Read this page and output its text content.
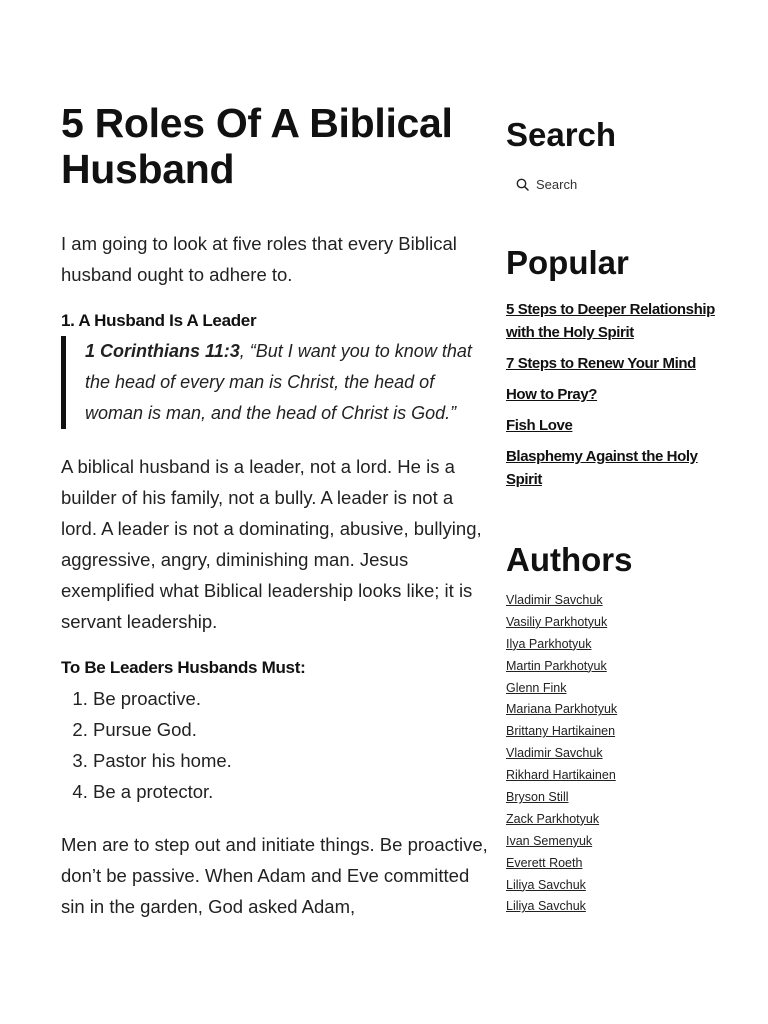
5 Roles Of A Biblical Husband

I am going to look at five roles that every Biblical husband ought to adhere to.

1. A Husband Is A Leader
1 Corinthians 11:3, “But I want you to know that the head of every man is Christ, the head of woman is man, and the head of Christ is God.”

A biblical husband is a leader, not a lord. He is a builder of his family, not a bully. A leader is not a lord. A leader is not a dominating, abusive, bullying, aggressive, angry, diminishing man. Jesus exemplified what Biblical leadership looks like; it is servant leadership.

To Be Leaders Husbands Must:
1. Be proactive.
2. Pursue God.
3. Pastor his home.
4. Be a protector.

Men are to step out and initiate things. Be proactive, don’t be passive. When Adam and Eve committed sin in the garden, God asked Adam,

Search
Search
Popular
5 Steps to Deeper Relationship with the Holy Spirit
7 Steps to Renew Your Mind
How to Pray?
Fish Love
Blasphemy Against the Holy Spirit
Authors
Vladimir Savchuk
Vasiliy Parkhotyuk
Ilya Parkhotyuk
Martin Parkhotyuk
Glenn Fink
Mariana Parkhotyuk
Brittany Hartikainen
Vladimir Savchuk
Rikhard Hartikainen
Bryson Still
Zack Parkhotyuk
Ivan Semenyuk
Everett Roeth
Liliya Savchuk
Liliya Savchuk
